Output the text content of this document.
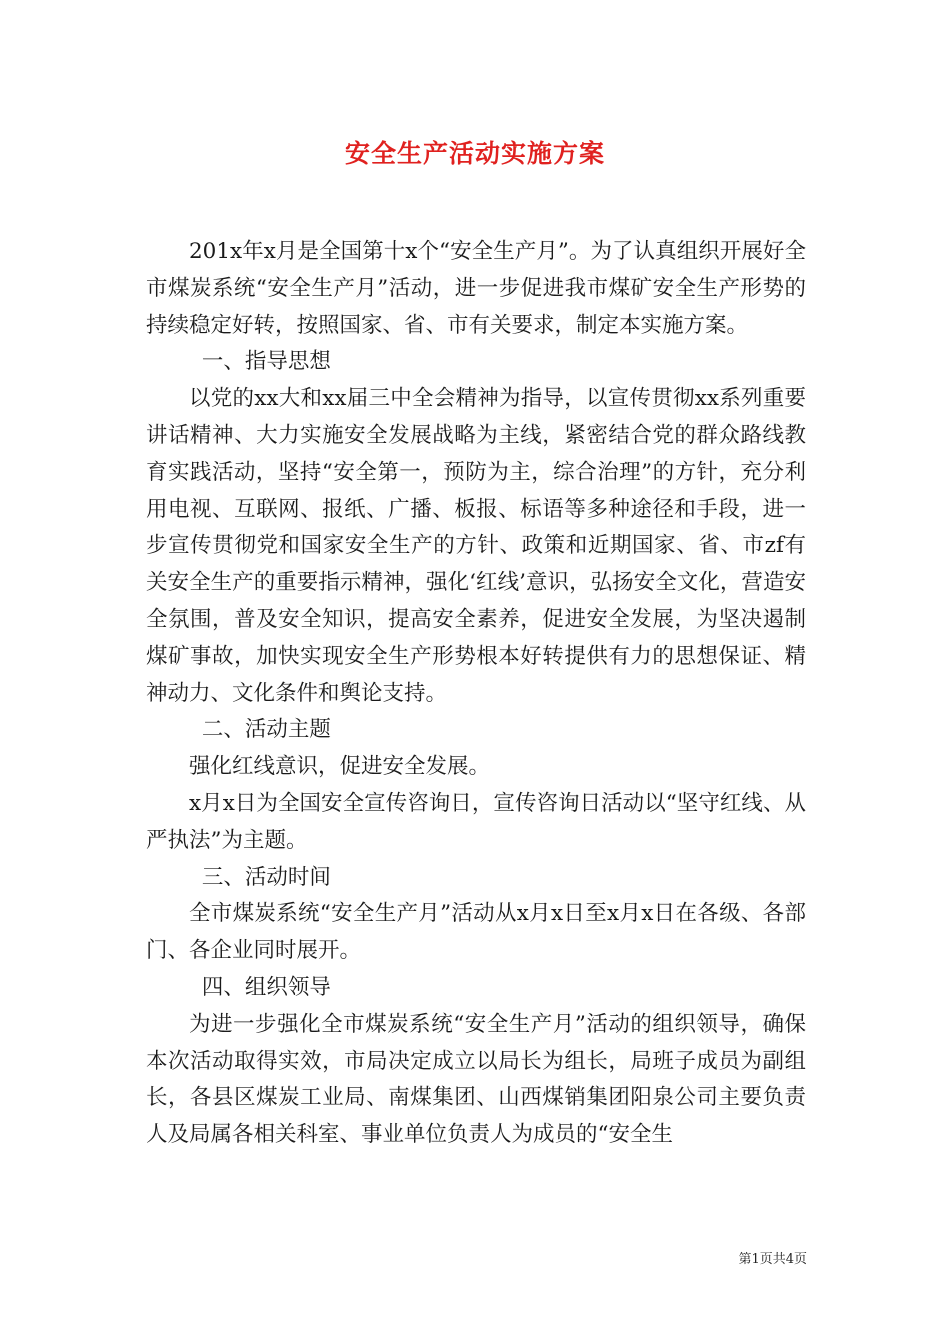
安全生产活动实施方案

201x年x月是全国第十x个“安全生产月”。为了认真组织开展好全市煤炭系统“安全生产月”活动，进一步促进我市煤矿安全生产形势的持续稳定好转，按照国家、省、市有关要求，制定本实施方案。

一、指导思想

以党的xx大和xx届三中全会精神为指导，以宣传贯彻xx系列重要讲话精神、大力实施安全发展战略为主线，紧密结合党的群众路线教育实践活动，坚持“安全第一，预防为主，综合治理”的方针，充分利用电视、互联网、报纸、广播、板报、标语等多种途径和手段，进一步宣传贯彻党和国家安全生产的方针、政策和近期国家、省、市zf有关安全生产的重要指示精神，强化‘红线’意识，弘扬安全文化，营造安全氛围，普及安全知识，提高安全素养，促进安全发展，为坚决遏制煤矿事故，加快实现安全生产形势根本好转提供有力的思想保证、精神动力、文化条件和舆论支持。

二、活动主题

强化红线意识，促进安全发展。

x月x日为全国安全宣传咨询日，宣传咨询日活动以“坚守红线、从严执法”为主题。

三、活动时间

全市煤炭系统“安全生产月”活动从x月x日至x月x日在各级、各部门、各企业同时展开。

四、组织领导

为进一步强化全市煤炭系统“安全生产月”活动的组织领导，确保本次活动取得实效，市局决定成立以局长为组长，局班子成员为副组长，各县区煤炭工业局、南煤集团、山西煤销集团阳泉公司主要负责人及局属各相关科室、事业单位负责人为成员的“安全生

第1页共4页
